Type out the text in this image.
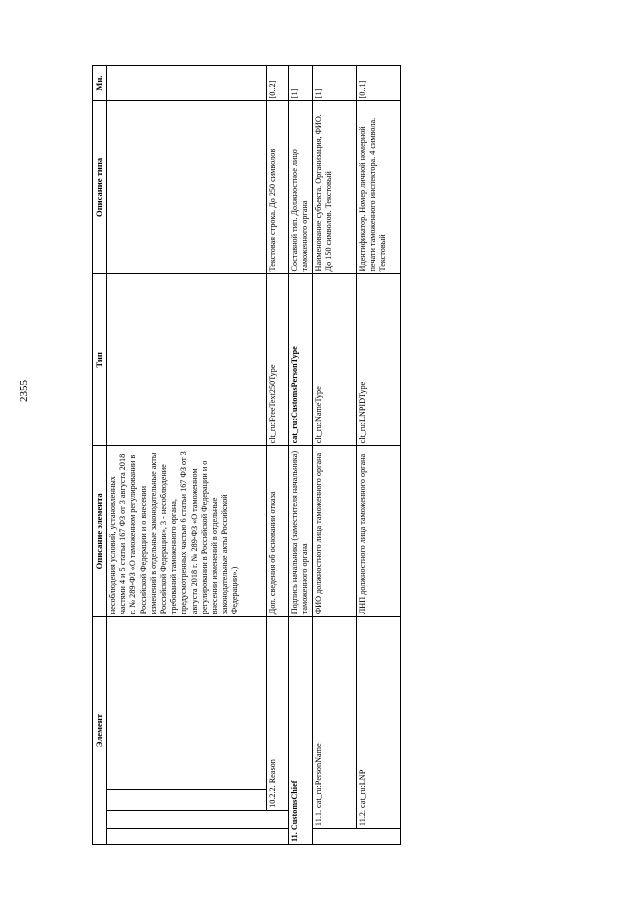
2355
Элемент				Описание элемента	Тип	Описание типа	Мн.
				несоблюдения условий, установленных частями 4 и 5 статьи 167 ФЗ от 3 августа 2018 г. № 289-ФЗ «О таможенном регулировании в Российской Федерации и о внесении изменений в отдельные законодательные акты Российской Федерации», 3 - несоблюдение требований таможенного органа, предусмотренных частью 6 статьи 167 ФЗ от 3 августа 2018 г. № 289-ФЗ «О таможенном регулировании в Российской Федерации и о внесении изменений в отдельные законодательные акты Российской Федерации».)			
		10.2.2. Reason		Доп. сведения об основании отказа	clt_ru:FreeText250Type	Текстовая строка. До 250 символов	[0..2]
11. CustomsChief				Подпись начальника (заместителя начальника) таможенного органа	cat_ru:CustomsPersonType	Составной тип. Должностное лицо таможенного органа	[1]
	11.1. cat_ru:PersonName			ФИО должностного лица таможенного органа	clt_ru:NameType	Наименование субъекта. Организация, ФИО. До 150 символов. Текстовый	[1]
	11.2. cat_ru:LNP			ЛНП должностного лица таможенного органа	clt_ru:LNPIDType	Идентификатор. Номер личной номерной печати таможенного инспектора. 4 символа. Текстовый	[0..1]
